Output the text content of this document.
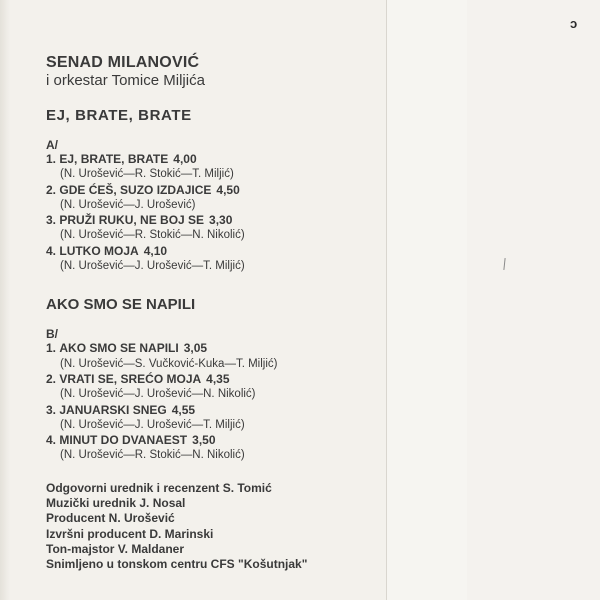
ɔ

SENAD MILANOVIĆ

i orkestar Tomice Miljića

EJ, BRATE, BRATE

A/

1. EJ, BRATE, BRATE 4,00
(N. Urošević—R. Stokić—T. Miljić)
2. GDE ĆEŠ, SUZO IZDAJICE 4,50
(N. Urošević—J. Urošević)
3. PRUŽI RUKU, NE BOJ SE 3,30
(N. Urošević—R. Stokić—N. Nikolić)
4. LUTKO MOJA 4,10
(N. Urošević—J. Urošević—T. Miljić)

AKO SMO SE NAPILI

B/

1. AKO SMO SE NAPILI 3,05
(N. Urošević—S. Vučković-Kuka—T. Miljić)
2. VRATI SE, SREĆO MOJA 4,35
(N. Urošević—J. Urošević—N. Nikolić)
3. JANUARSKI SNEG 4,55
(N. Urošević—J. Urošević—T. Miljić)
4. MINUT DO DVANAEST 3,50
(N. Urošević—R. Stokić—N. Nikolić)
Odgovorni urednik i recenzent S. Tomić
Muzički urednik J. Nosal
Producent N. Urošević
Izvršni producent D. Marinski
Ton-majstor V. Maldaner
Snimljeno u tonskom centru CFS "Košutnjak"
